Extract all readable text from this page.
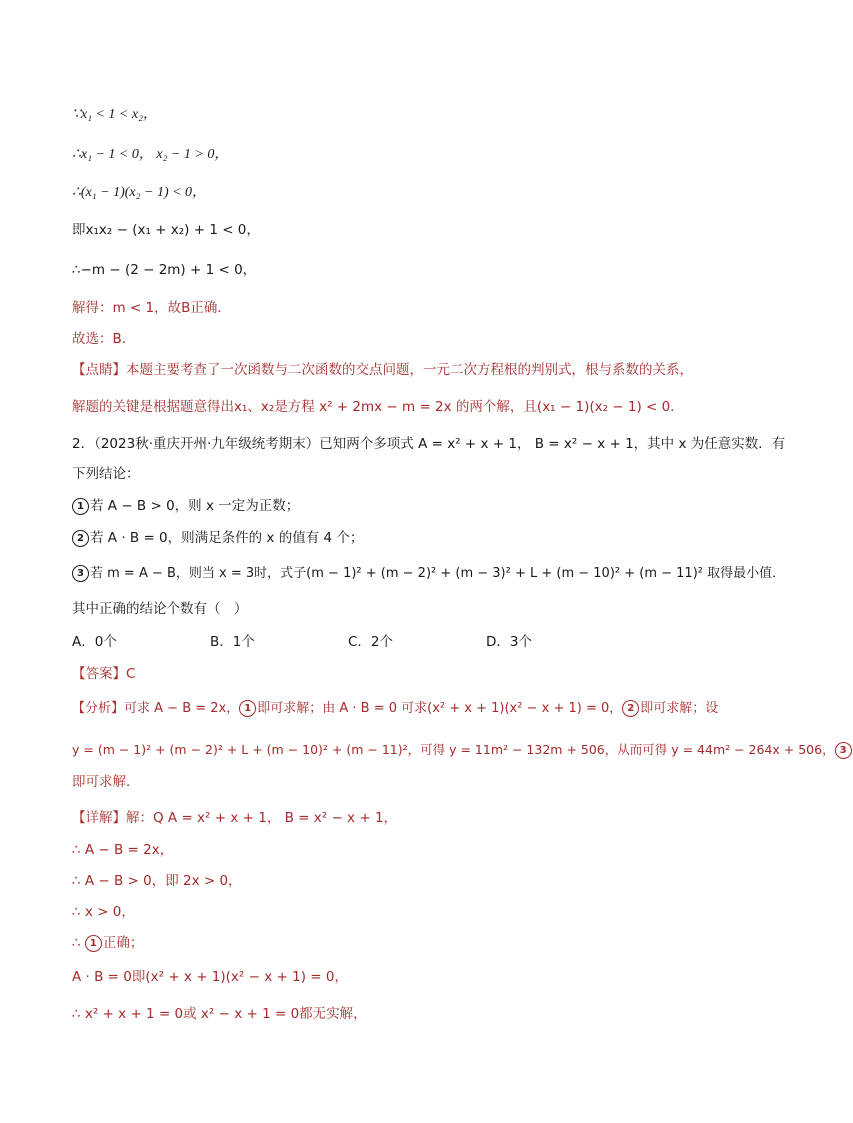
∵x₁ < 1 < x₂，
∴x₁ − 1 < 0， x₂ − 1 > 0，
∴(x₁ − 1)(x₂ − 1) < 0，
即x₁x₂ − (x₁ + x₂) + 1 < 0，
∴−m − (2 − 2m) + 1 < 0，
解得：m < 1，故B正确．
故选：B．
【点睛】本题主要考查了一次函数与二次函数的交点问题，一元二次方程根的判别式，根与系数的关系，
解题的关键是根据题意得出x₁、x₂是方程 x² + 2mx − m = 2x 的两个解，且(x₁ − 1)(x₂ − 1) < 0．
2．（2023秋·重庆开州·九年级统考期末）已知两个多项式 A = x² + x + 1， B = x² − x + 1，其中 x 为任意实数．有
下列结论：
1 若 A − B > 0，则 x 一定为正数；
2 若 A · B = 0，则满足条件的 x 的值有 4 个；
3 若 m = A − B，则当 x = 3时，式子(m − 1)² + (m − 2)² + (m − 3)² + L + (m − 10)² + (m − 11)² 取得最小值．
其中正确的结论个数有（　）
A．0个	B．1个	C．2个	D．3个
【答案】C
【分析】可求 A − B = 2x， 1 即可求解；由 A · B = 0 可求(x² + x + 1)(x² − x + 1) = 0， 2 即可求解；设
y = (m − 1)² + (m − 2)² + L + (m − 10)² + (m − 11)²，可得 y = 11m² − 132m + 506，从而可得 y = 44m² − 264x + 506， 3
即可求解．
【详解】解：Q A = x² + x + 1， B = x² − x + 1，
∴ A − B = 2x，
∴ A − B > 0，即 2x > 0，
∴ x > 0，
∴ 1 正确；
A · B = 0即(x² + x + 1)(x² − x + 1) = 0，
∴ x² + x + 1 = 0或 x² − x + 1 = 0都无实解，
